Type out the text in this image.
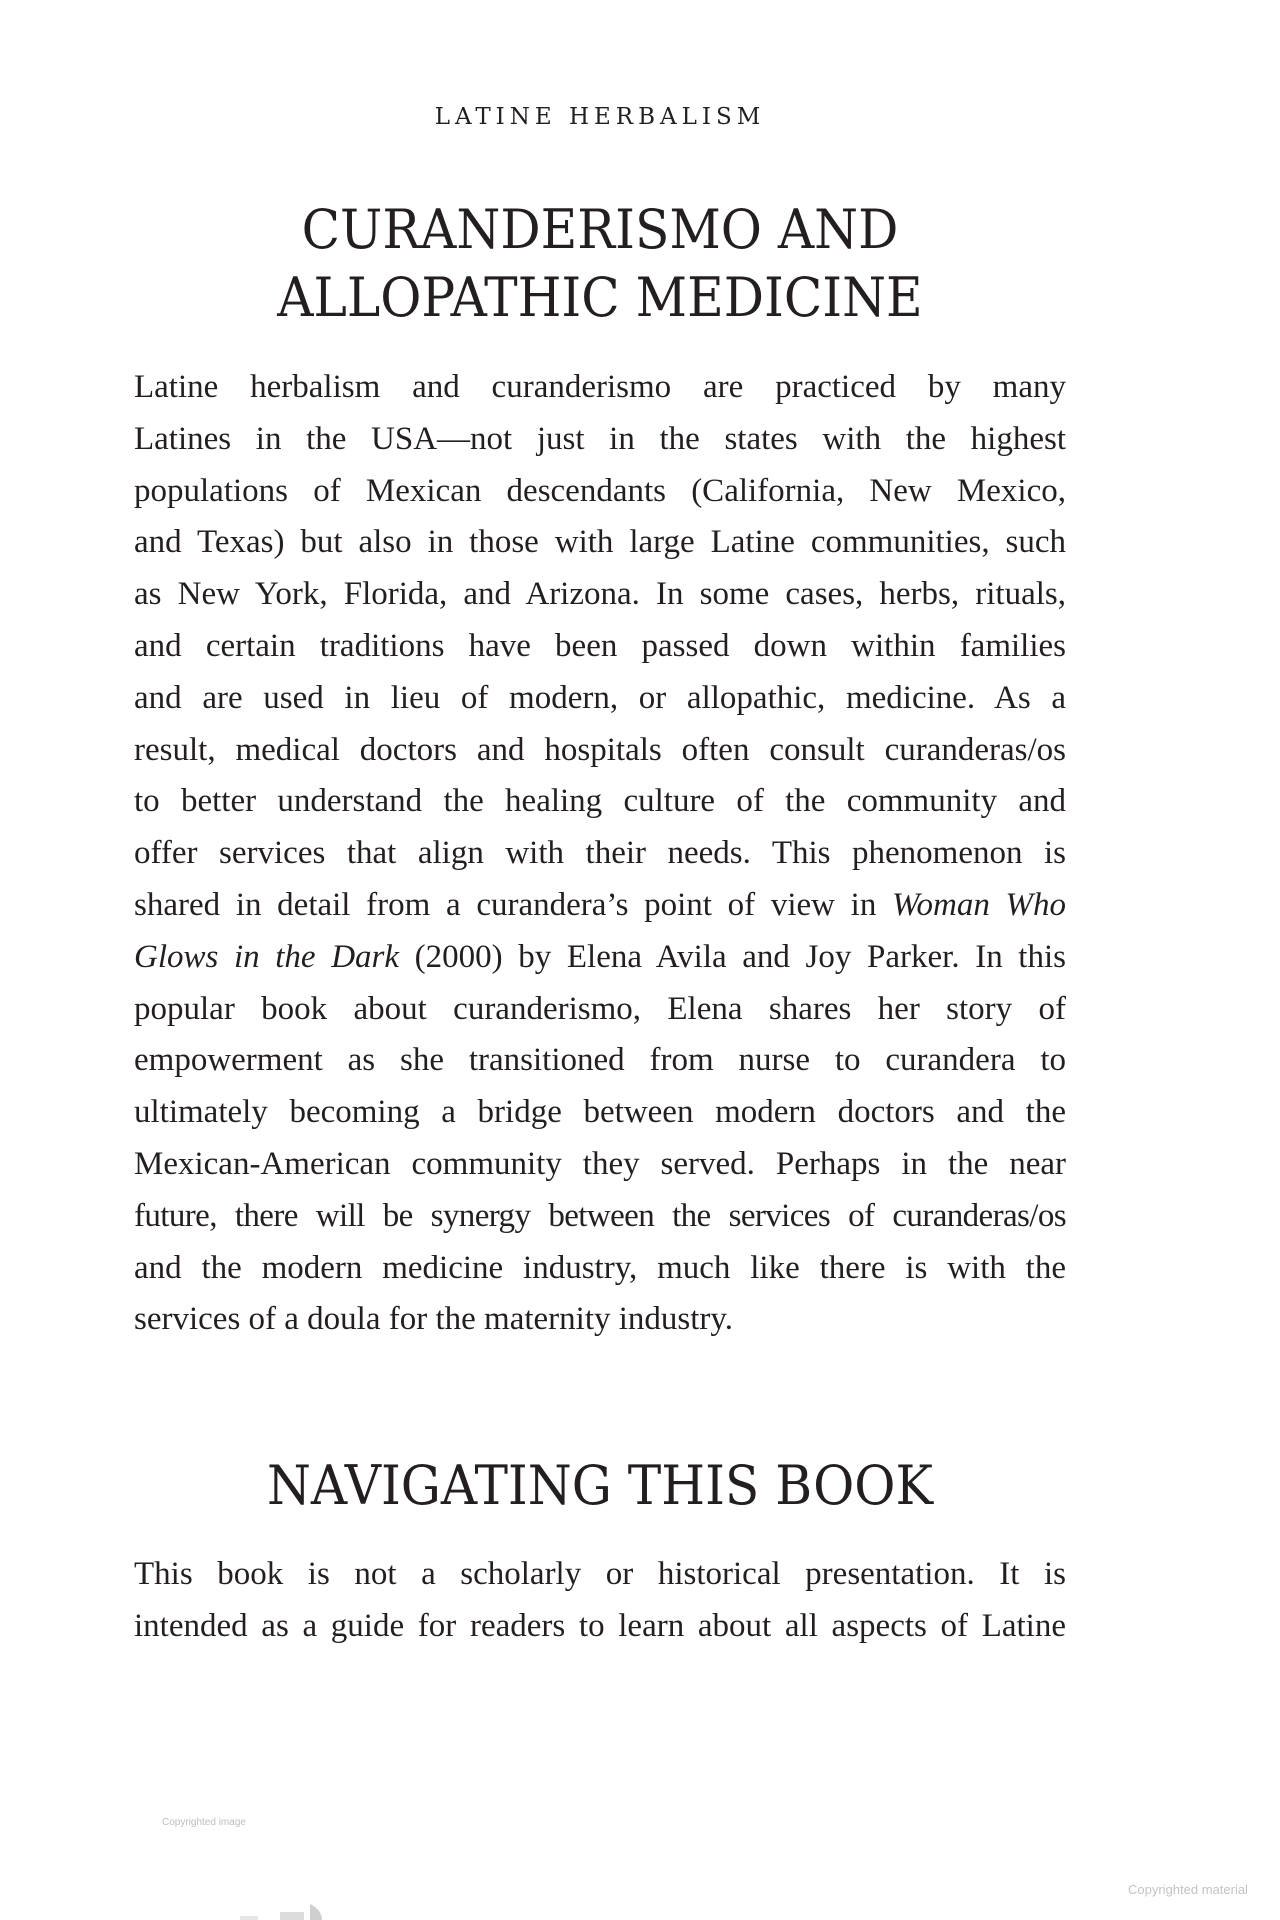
LATINE HERBALISM
CURANDERISMO AND
ALLOPATHIC MEDICINE
Latine herbalism and curanderismo are practiced by many
Latines in the USA—not just in the states with the highest
populations of Mexican descendants (California, New Mexico,
and Texas) but also in those with large Latine communities, such
as New York, Florida, and Arizona. In some cases, herbs, rituals,
and certain traditions have been passed down within families
and are used in lieu of modern, or allopathic, medicine. As a
result, medical doctors and hospitals often consult curanderas/os
to better understand the healing culture of the community and
offer services that align with their needs. This phenomenon is
shared in detail from a curandera’s point of view in Woman Who
Glows in the Dark (2000) by Elena Avila and Joy Parker. In this
popular book about curanderismo, Elena shares her story of
empowerment as she transitioned from nurse to curandera to
ultimately becoming a bridge between modern doctors and the
Mexican-American community they served. Perhaps in the near
future, there will be synergy between the services of curanderas/os
and the modern medicine industry, much like there is with the
services of a doula for the maternity industry.
NAVIGATING THIS BOOK
This book is not a scholarly or historical presentation. It is
intended as a guide for readers to learn about all aspects of Latine
Copyrighted image
Copyrighted material
